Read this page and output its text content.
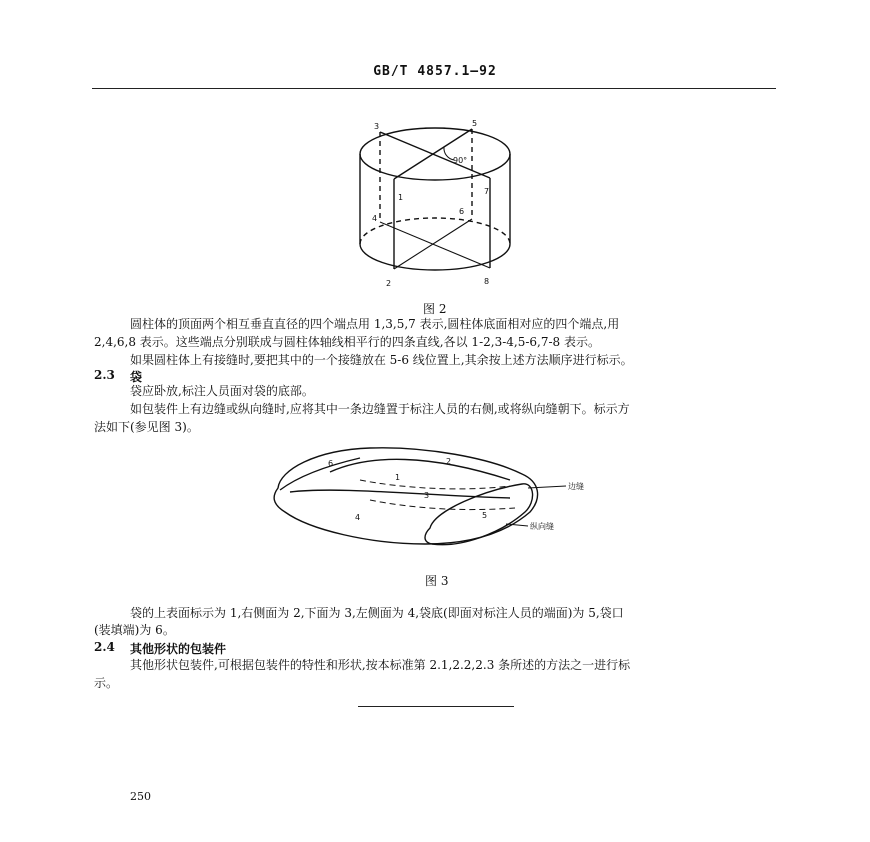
GB/T 4857.1—92
3	5
1
7
4
6
2	8
90°
图 2
圆柱体的顶面两个相互垂直直径的四个端点用 1,3,5,7 表示,圆柱体底面相对应的四个端点,用
2,4,6,8 表示。这些端点分别联成与圆柱体轴线相平行的四条直线,各以 1-2,3-4,5-6,7-8 表示。
如果圆柱体上有接缝时,要把其中的一个接缝放在 5-6 线位置上,其余按上述方法顺序进行标示。
2.3 袋
袋应卧放,标注人员面对袋的底部。
如包装件上有边缝或纵向缝时,应将其中一条边缝置于标注人员的右侧,或将纵向缝朝下。标示方
法如下(参见图 3)。
6	2
1
3
4	5
边缝
纵向缝
图 3
袋的上表面标示为 1,右侧面为 2,下面为 3,左侧面为 4,袋底(即面对标注人员的端面)为 5,袋口
(装填端)为 6。
2.4 其他形状的包装件
其他形状包装件,可根据包装件的特性和形状,按本标准第 2.1,2.2,2.3 条所述的方法之一进行标
示。
250
